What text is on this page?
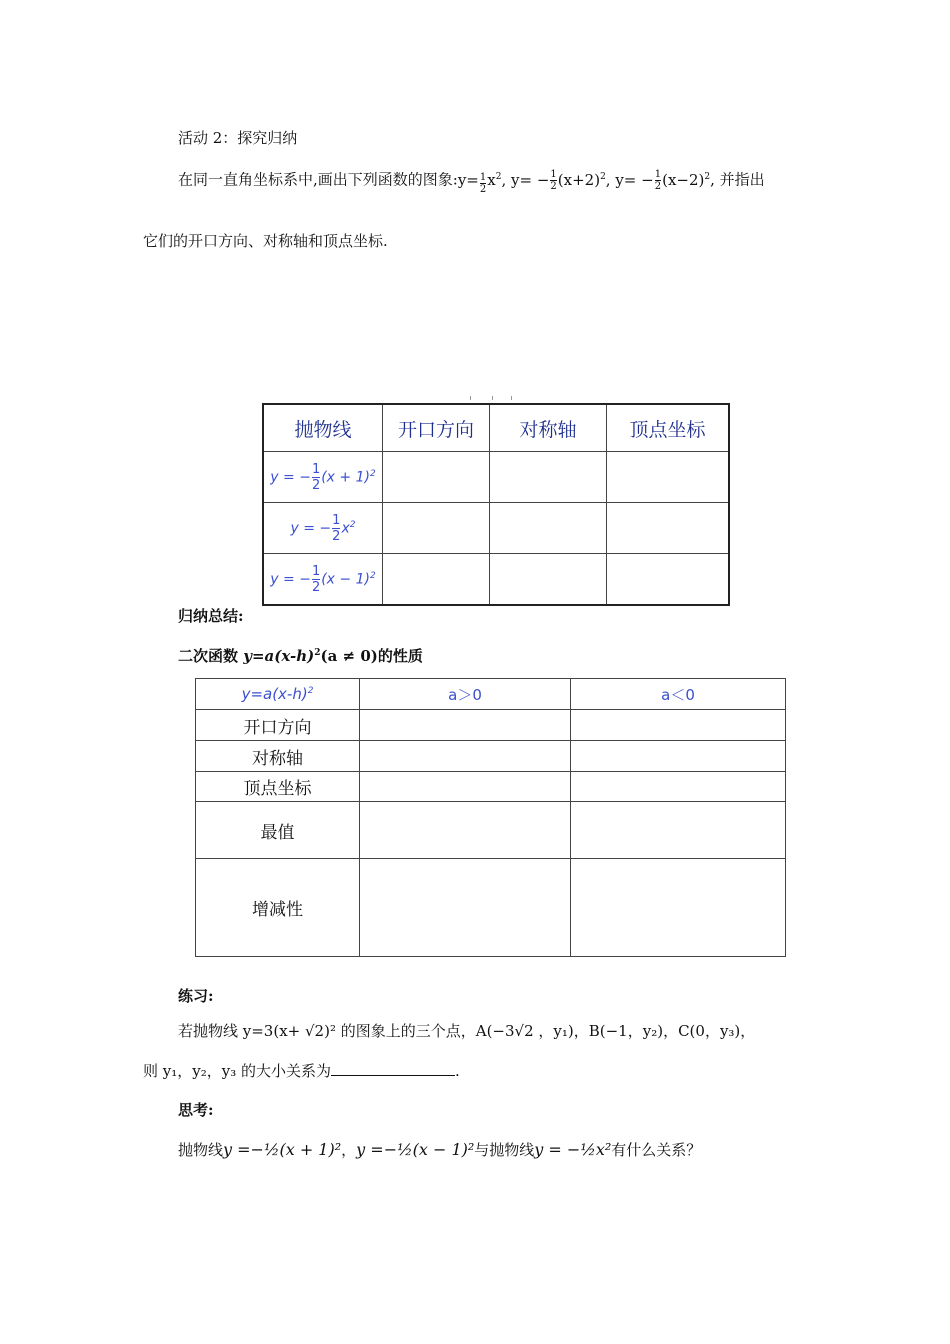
活动 2：探究归纳
在同一直角坐标系中,画出下列函数的图象:y= $\frac{1}{2} x^2$, $y= - \frac{1}{2} (x+2)^2$, $y= - \frac{1}{2} (x-2)^2$, 并指出
它们的开口方向、对称轴和顶点坐标.
抛物线	开口方向	对称轴	顶点坐标
y = − $\frac{1}{2} (x + 1)^2$			
y = − $\frac{1}{2} x^2$			
y = − $\frac{1}{2} (x - 1)^2$			
归纳总结:
二次函数 $y=a(x-h)^2(a \ne 0)$的性质
$y=a(x-h)^2$	a＞0	a＜0
开口方向		
对称轴		
顶点坐标		
最值		
增减性		
练习:
若抛物线 y=3(x+ √2)² 的图象上的三个点，A(−3√2 ，y₁)，B(−1，y₂)，C(0，y₃)，
则 y₁，y₂，y₃ 的大小关系为	.
思考:
抛物线y =−½(x + 1)²，y =−½(x − 1)²与抛物线y = −½x²有什么关系？
